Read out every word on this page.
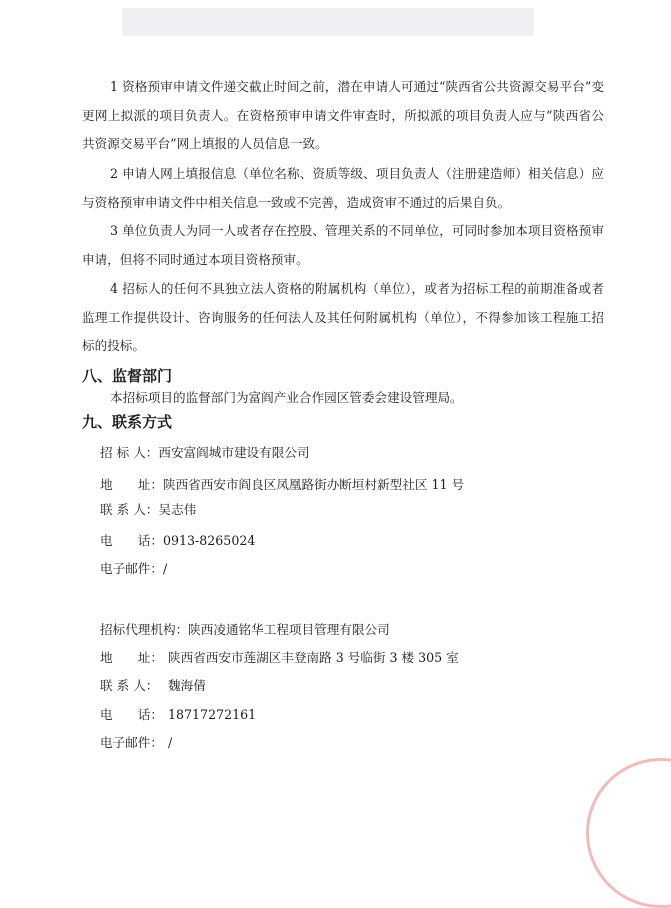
​

1 资格预审申请文件递交截止时间之前，潜在申请人可通过“陕西省公共资源交易平台”变更网上拟派的项目负责人。在资格预审申请文件审查时，所拟派的项目负责人应与“陕西省公共资源交易平台”网上填报的人员信息一致。

2 申请人网上填报信息（单位名称、资质等级、项目负责人（注册建造师）相关信息）应与资格预审申请文件中相关信息一致或不完善，造成资审不通过的后果自负。

3 单位负责人为同一人或者存在控股、管理关系的不同单位，可同时参加本项目资格预审申请，但将不同时通过本项目资格预审。

4 招标人的任何不具独立法人资格的附属机构（单位），或者为招标工程的前期准备或者监理工作提供设计、咨询服务的任何法人及其任何附属机构（单位），不得参加该工程施工招标的投标。

八、监督部门

本招标项目的监督部门为富阎产业合作园区管委会建设管理局。

九、联系方式
招 标 人：西安富阎城市建设有限公司
地　　址：陕西省西安市阎良区凤凰路街办断垣村新型社区 11 号
联 系 人：吴志伟
电　　话：0913-8265024
电子邮件：/
招标代理机构：陕西凌通铭华工程项目管理有限公司
地　　址： 陕西省西安市莲湖区丰登南路 3 号临街 3 楼 305 室
联 系 人： 魏海倩
电　　话： 18717272161
电子邮件： /
